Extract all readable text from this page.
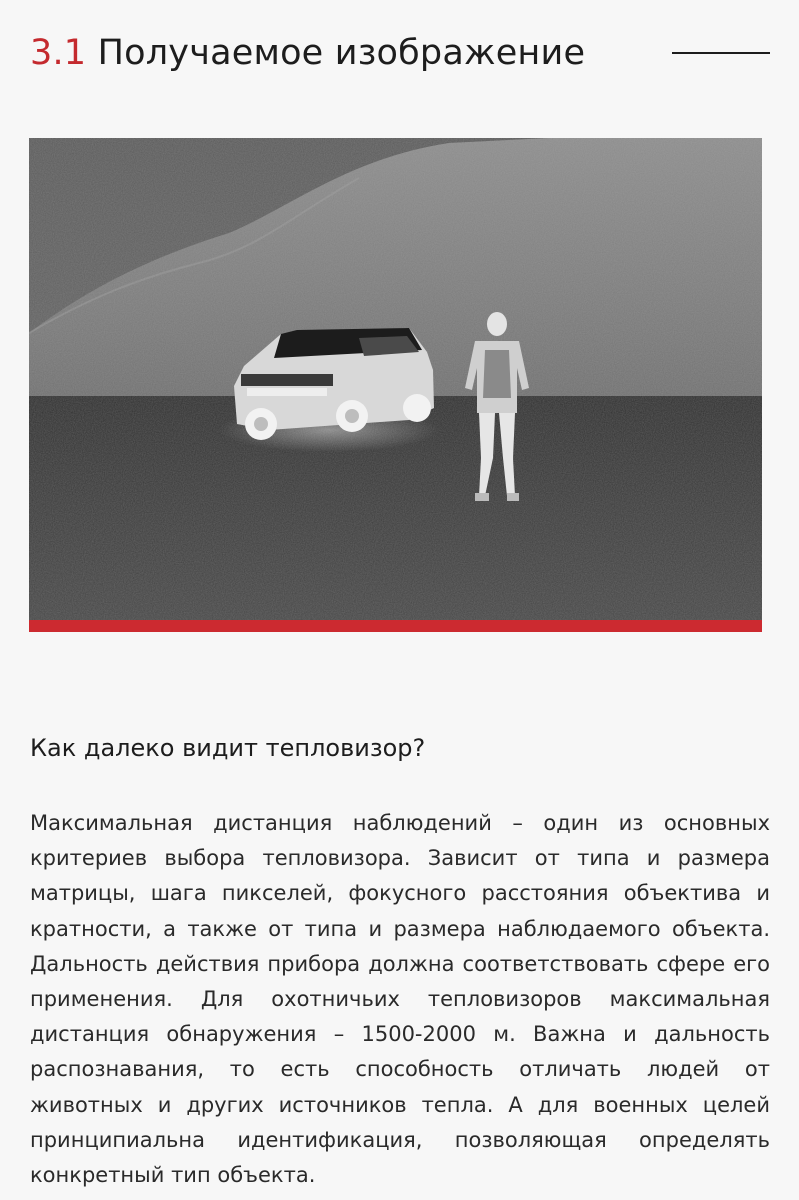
3.1 Получаемое изображение
Как далеко видит тепловизор?

Максимальная дистанция наблюдений – один из основных критериев выбора тепловизора. Зависит от типа и размера матрицы, шага пикселей, фокусного расстояния объектива и кратности, а также от типа и размера наблюдаемого объекта. Дальность действия прибора должна соответствовать сфере его применения. Для охотничьих тепловизоров максимальная дистанция обнаружения – 1500-2000 м. Важна и дальность распознавания, то есть способность отличать людей от животных и других источников тепла. А для военных целей принципиальна идентификация, позволяющая определять конкретный тип объекта.
